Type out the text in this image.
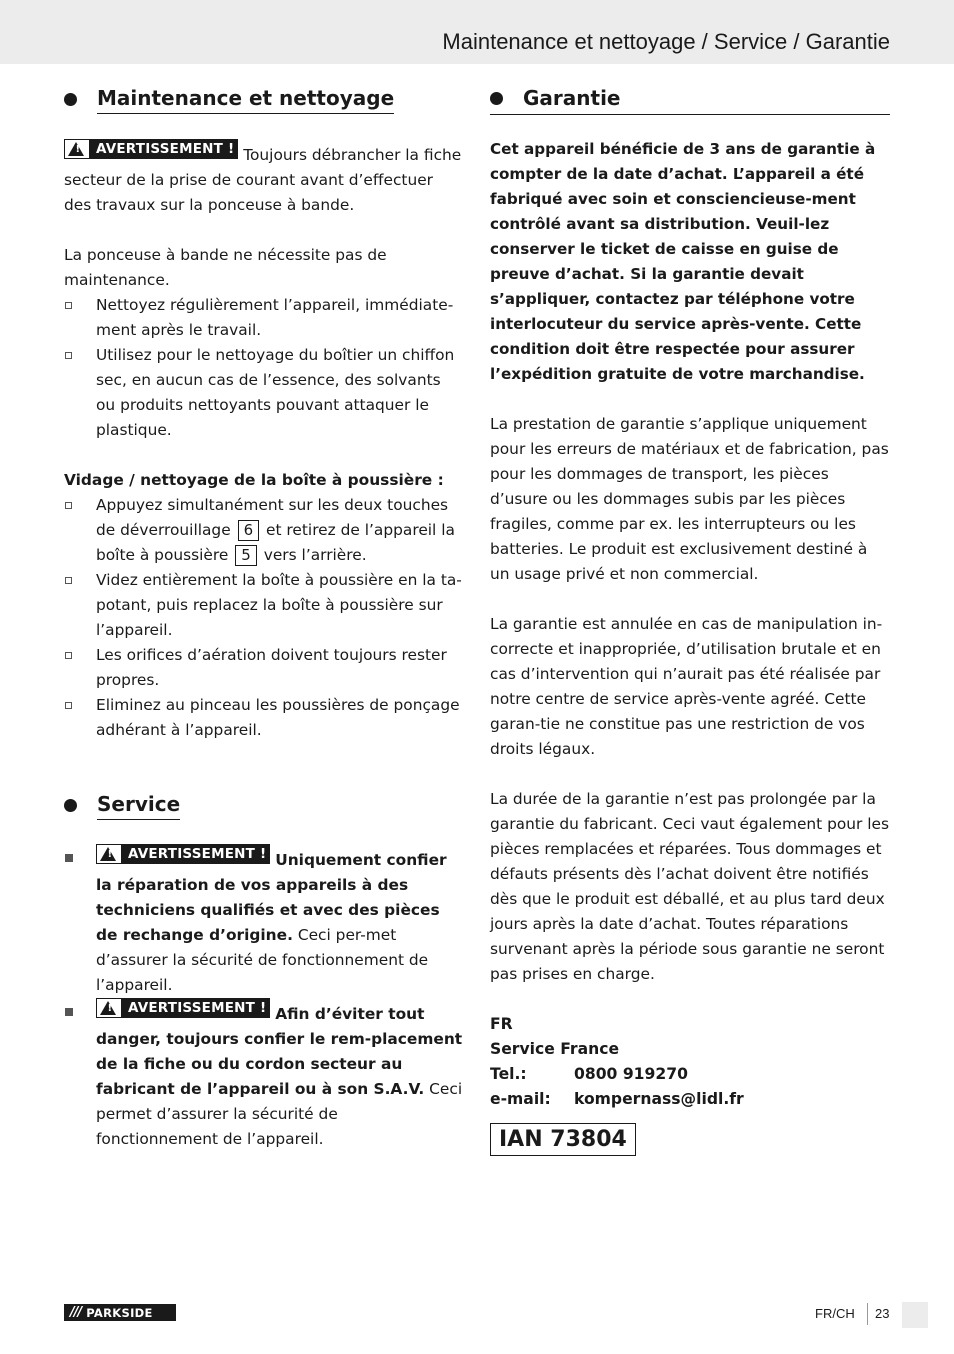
Maintenance et nettoyage / Service / Garantie
Maintenance et nettoyage

!
AVERTISSEMENT ! Toujours débrancher la fiche secteur de la prise de courant avant d’effectuer des travaux sur la ponceuse à bande.

La ponceuse à bande ne nécessite pas de maintenance.

Nettoyez régulièrement l’appareil, immédiate-ment après le travail.
Utilisez pour le nettoyage du boîtier un chiffon sec, en aucun cas de l’essence, des solvants ou produits nettoyants pouvant attaquer le plastique.

Vidage / nettoyage de la boîte à poussière :

Appuyez simultanément sur les deux touches de déverrouillage 6 et retirez de l’appareil la boîte à poussière 5 vers l’arrière.
Videz entièrement la boîte à poussière en la ta-potant, puis replacez la boîte à poussière sur l’appareil.
Les orifices d’aération doivent toujours rester propres.
Eliminez au pinceau les poussières de ponçage adhérant à l’appareil.
Service
!
AVERTISSEMENT ! Uniquement confier la réparation de vos appareils à des techniciens qualifiés et avec des pièces de rechange d’origine. Ceci per-met d’assurer la sécurité de fonctionnement de l’appareil.
!
AVERTISSEMENT ! Afin d’éviter tout danger, toujours confier le rem-placement de la fiche ou du cordon secteur au fabricant de l’appareil ou à son S.A.V. Ceci permet d’assurer la sécurité de fonctionnement de l’appareil.
Garantie

Cet appareil bénéficie de 3 ans de garantie à compter de la date d’achat. L’appareil a été fabriqué avec soin et consciencieuse-ment contrôlé avant sa distribution. Veuil-lez conserver le ticket de caisse en guise de preuve d’achat. Si la garantie devait s’appliquer, contactez par téléphone votre interlocuteur du service après-vente. Cette condition doit être respectée pour assurer l’expédition gratuite de votre marchandise.

La prestation de garantie s’applique uniquement pour les erreurs de matériaux et de fabrication, pas pour les dommages de transport, les pièces d’usure ou les dommages subis par les pièces fragiles, comme par ex. les interrupteurs ou les batteries. Le produit est exclusivement destiné à un usage privé et non commercial.

La garantie est annulée en cas de manipulation in-correcte et inappropriée, d’utilisation brutale et en cas d’intervention qui n’aurait pas été réalisée par notre centre de service après-vente agréé. Cette garan-tie ne constitue pas une restriction de vos droits légaux.

La durée de la garantie n’est pas prolongée par la garantie du fabricant. Ceci vaut également pour les pièces remplacées et réparées. Tous dommages et défauts présents dès l’achat doivent être notifiés dès que le produit est déballé, et au plus tard deux jours après la date d’achat. Toutes réparations survenant après la période sous garantie ne seront pas prises en charge.

FR
Service France
Tel.:	0800 919270
e-mail:	kompernass@lidl.fr
IAN 73804
/// PARKSIDE	FR/CH 23
